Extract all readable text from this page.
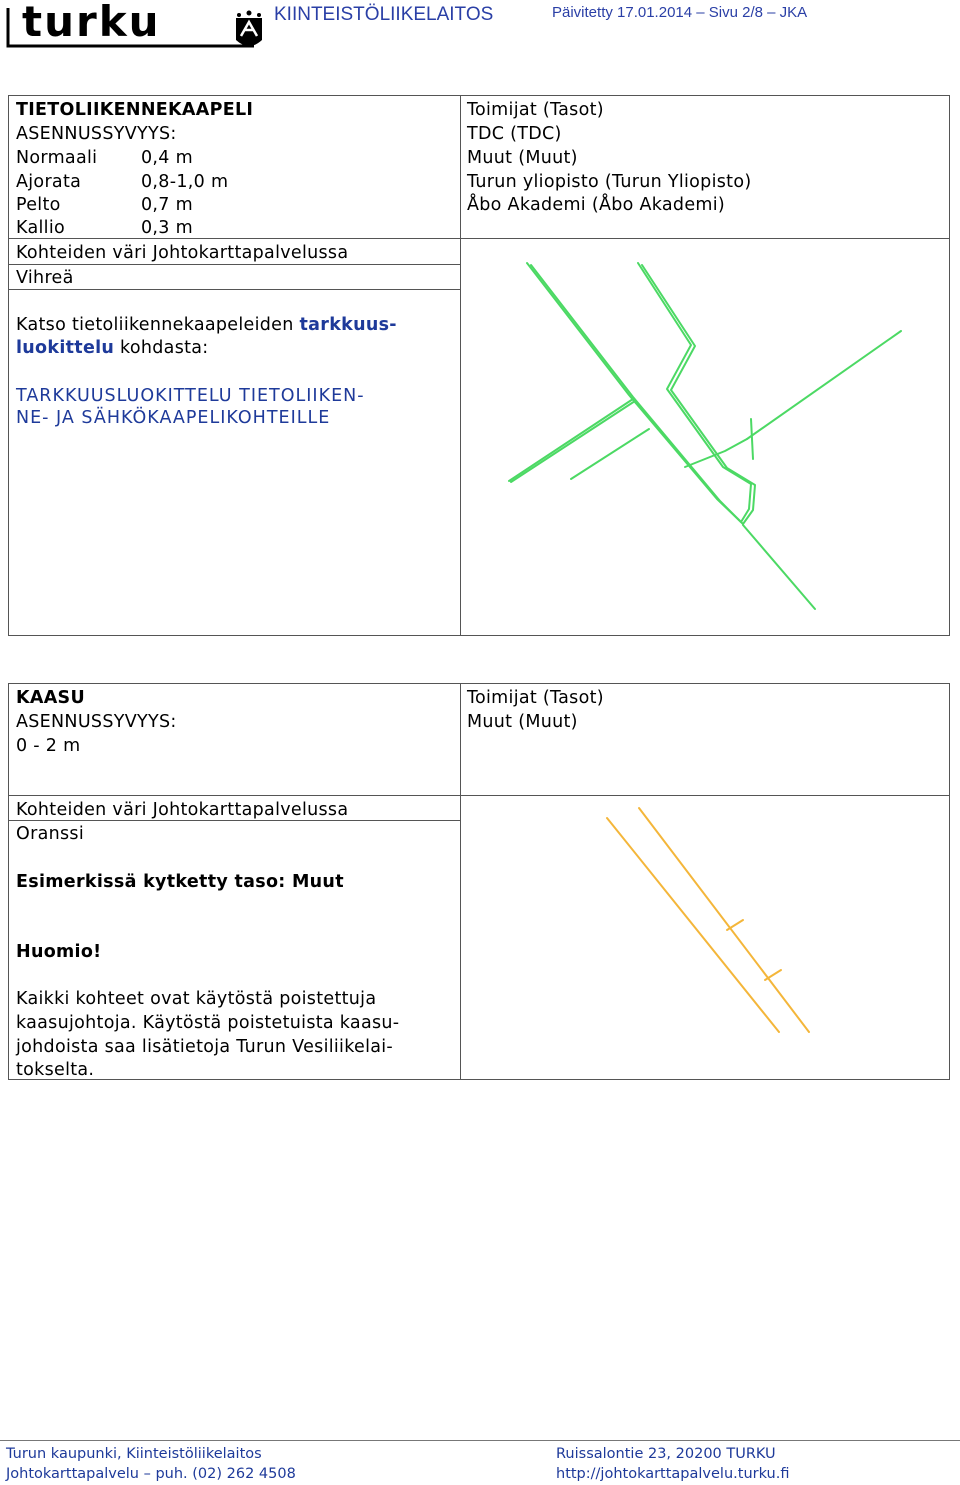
turku	KIINTEISTÖLIIKELAITOS	Päivitetty 17.01.2014 – Sivu 2/8 – JKA
TIETOLIIKENNEKAAPELI
ASENNUSSYVYYS:
Normaali 0,4 m
Ajorata	0,8-1,0 m
Pelto	0,7 m
Kallio	0,3 m
Kohteiden väri Johtokarttapalvelussa
Vihreä
Katso tietoliikennekaapeleiden tarkkuus-
luokittelu kohdasta:
TARKKUUSLUOKITTELU TIETOLIIKEN-
NE- JA SÄHKÖKAAPELIKOHTEILLE
Toimijat (Tasot)
TDC (TDC)
Muut (Muut)
Turun yliopisto (Turun Yliopisto)
Åbo Akademi (Åbo Akademi)
KAASU
ASENNUSSYVYYS:
0 - 2 m
Kohteiden väri Johtokarttapalvelussa
Oranssi
Esimerkissä kytketty taso: Muut
Huomio!
Kaikki kohteet ovat käytöstä poistettuja
kaasujohtoja. Käytöstä poistetuista kaasu-
johdoista saa lisätietoja Turun Vesiliikelai-
tokselta.
Toimijat (Tasot)
Muut (Muut)
Turun kaupunki, Kiinteistöliikelaitos
Johtokarttapalvelu – puh. (02) 262 4508
Ruissalontie 23, 20200 TURKU
http://johtokarttapalvelu.turku.fi
